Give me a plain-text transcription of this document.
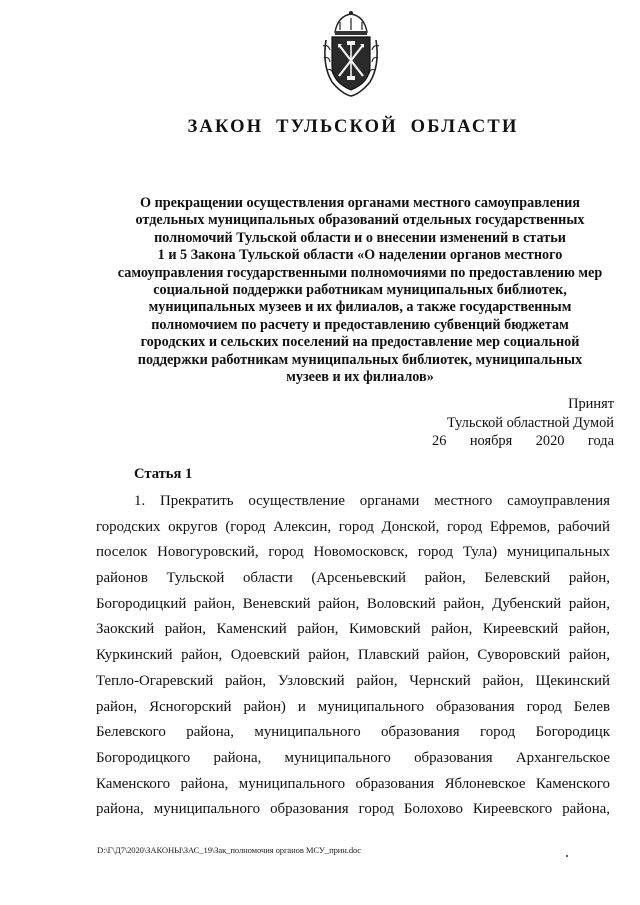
ЗАКОН ТУЛЬСКОЙ ОБЛАСТИ
О прекращении осуществления органами местного самоуправления
отдельных муниципальных образований отдельных государственных
полномочий Тульской области и о внесении изменений в статьи
1 и 5 Закона Тульской области «О наделении органов местного
самоуправления государственными полномочиями по предоставлению мер
социальной поддержки работникам муниципальных библиотек,
муниципальных музеев и их филиалов, а также государственным
полномочием по расчету и предоставлению субвенций бюджетам
городских и сельских поселений на предоставление мер социальной
поддержки работникам муниципальных библиотек, муниципальных
музеев и их филиалов»
Принят
Тульской областной Думой
26 ноября 2020 года
Статья 1
1. Прекратить осуществление органами местного самоуправления
городских округов (город Алексин, город Донской, город Ефремов, рабочий
поселок Новогуровский, город Новомосковск, город Тула) муниципальных
районов Тульской области (Арсеньевский район, Белевский район,
Богородицкий район, Веневский район, Воловский район, Дубенский район,
Заокский район, Каменский район, Кимовский район, Киреевский район,
Куркинский район, Одоевский район, Плавский район, Суворовский район,
Тепло-Огаревский район, Узловский район, Чернский район, Щекинский
район, Ясногорский район) и муниципального образования город Белев
Белевского района, муниципального образования город Богородицк
Богородицкого района, муниципального образования Архангельское
Каменского района, муниципального образования Яблоневское Каменского
района, муниципального образования город Болохово Киреевского района,
D:\Г\Д7\2020\ЗАКОНЫ\ЗАС_19\Зак_полномочия органов МСУ_прин.doc
